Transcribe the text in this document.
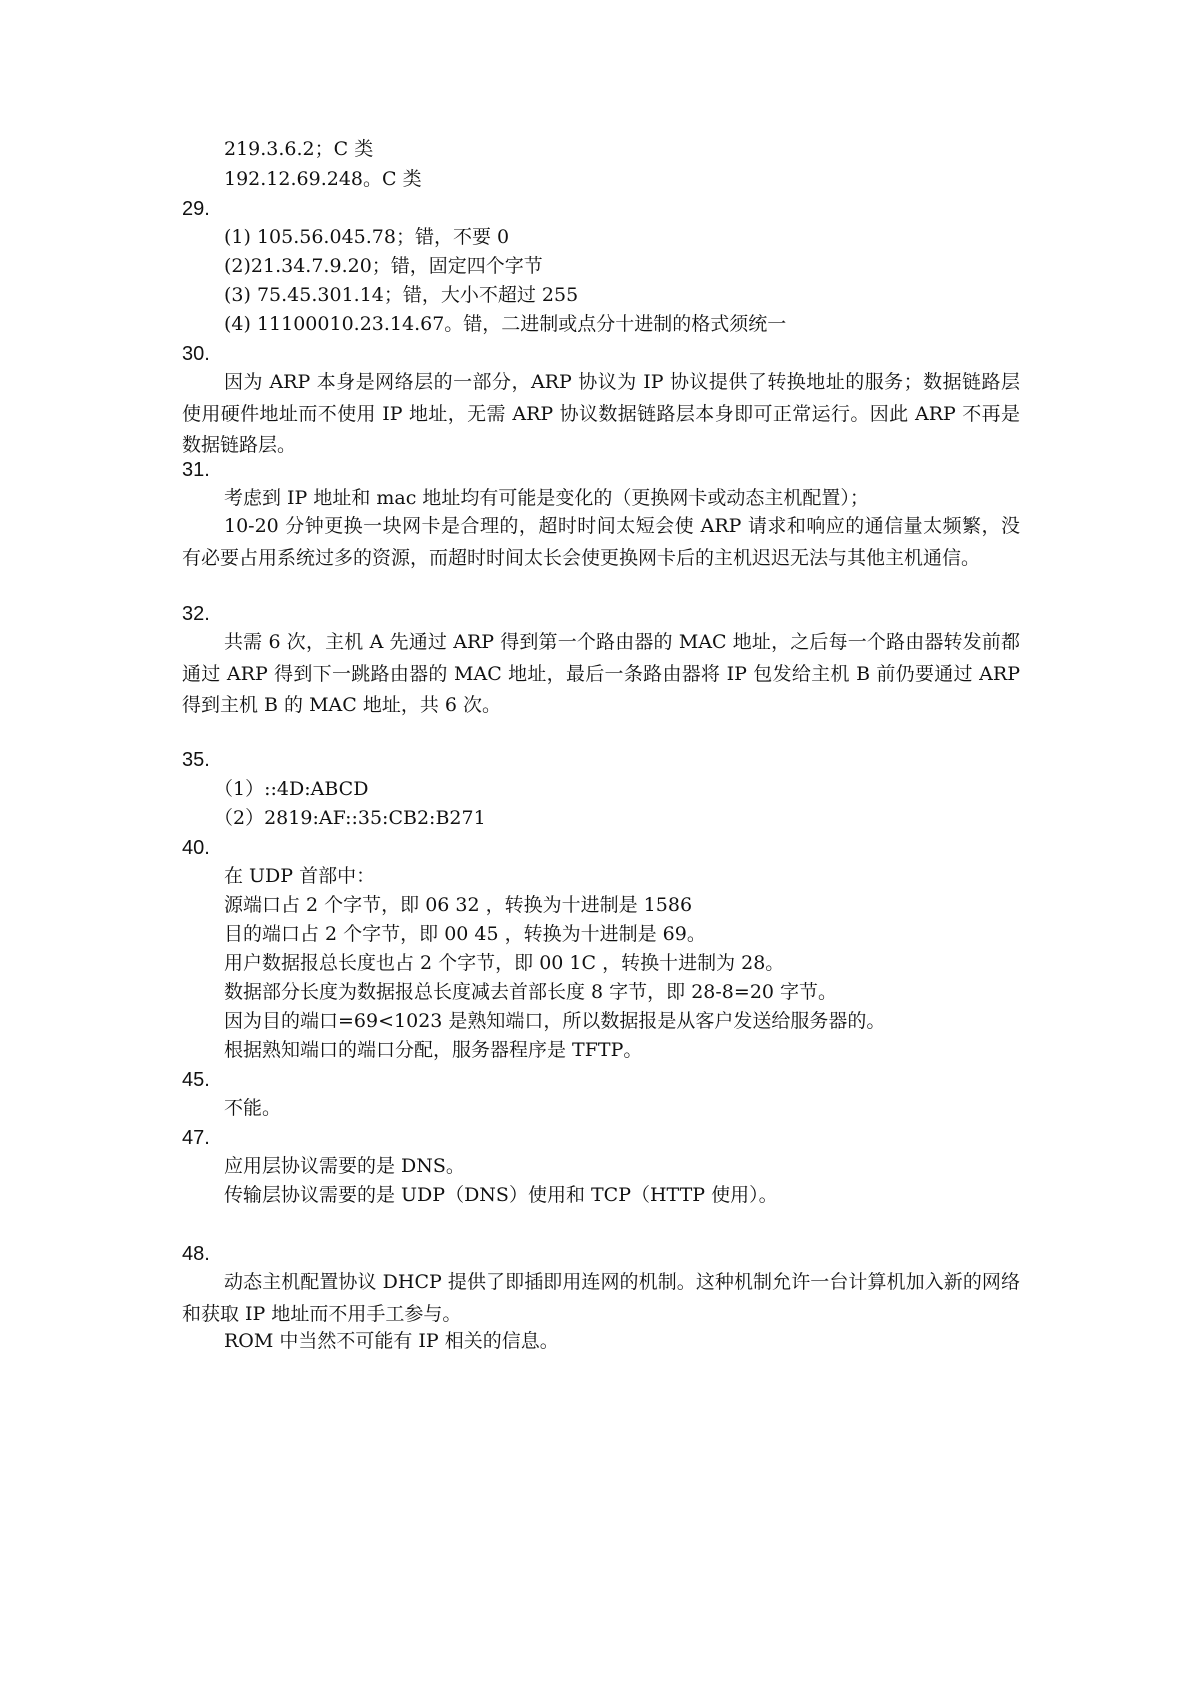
219.3.6.2；C 类
192.12.69.248。C 类
29.
(1) 105.56.045.78；错，不要 0
(2)21.34.7.9.20；错，固定四个字节
(3) 75.45.301.14；错，大小不超过 255
(4) 11100010.23.14.67。错，二进制或点分十进制的格式须统一
30.
因为 ARP 本身是网络层的一部分，ARP 协议为 IP 协议提供了转换地址的服务；数据链路层使用硬件地址而不使用 IP 地址，无需 ARP 协议数据链路层本身即可正常运行。因此 ARP 不再是数据链路层。
31.
考虑到 IP 地址和 mac 地址均有可能是变化的（更换网卡或动态主机配置）；
10-20 分钟更换一块网卡是合理的，超时时间太短会使 ARP 请求和响应的通信量太频繁，没有必要占用系统过多的资源，而超时时间太长会使更换网卡后的主机迟迟无法与其他主机通信。
32.
共需 6 次，主机 A 先通过 ARP 得到第一个路由器的 MAC 地址，之后每一个路由器转发前都通过 ARP 得到下一跳路由器的 MAC 地址，最后一条路由器将 IP 包发给主机 B 前仍要通过 ARP 得到主机 B 的 MAC 地址，共 6 次。
35.
（1）::4D:ABCD
（2）2819:AF::35:CB2:B271
40.
在 UDP 首部中：
源端口占 2 个字节，即 06 32 ，转换为十进制是 1586
目的端口占 2 个字节，即 00 45 ，转换为十进制是 69。
用户数据报总长度也占 2 个字节，即 00 1C ，转换十进制为 28。
数据部分长度为数据报总长度减去首部长度 8 字节，即 28-8=20 字节。
因为目的端口=69<1023 是熟知端口，所以数据报是从客户发送给服务器的。
根据熟知端口的端口分配，服务器程序是 TFTP。
45.
不能。
47.
应用层协议需要的是 DNS。
传输层协议需要的是 UDP（DNS）使用和 TCP（HTTP 使用）。
48.
动态主机配置协议 DHCP 提供了即插即用连网的机制。这种机制允许一台计算机加入新的网络和获取 IP 地址而不用手工参与。
ROM 中当然不可能有 IP 相关的信息。
